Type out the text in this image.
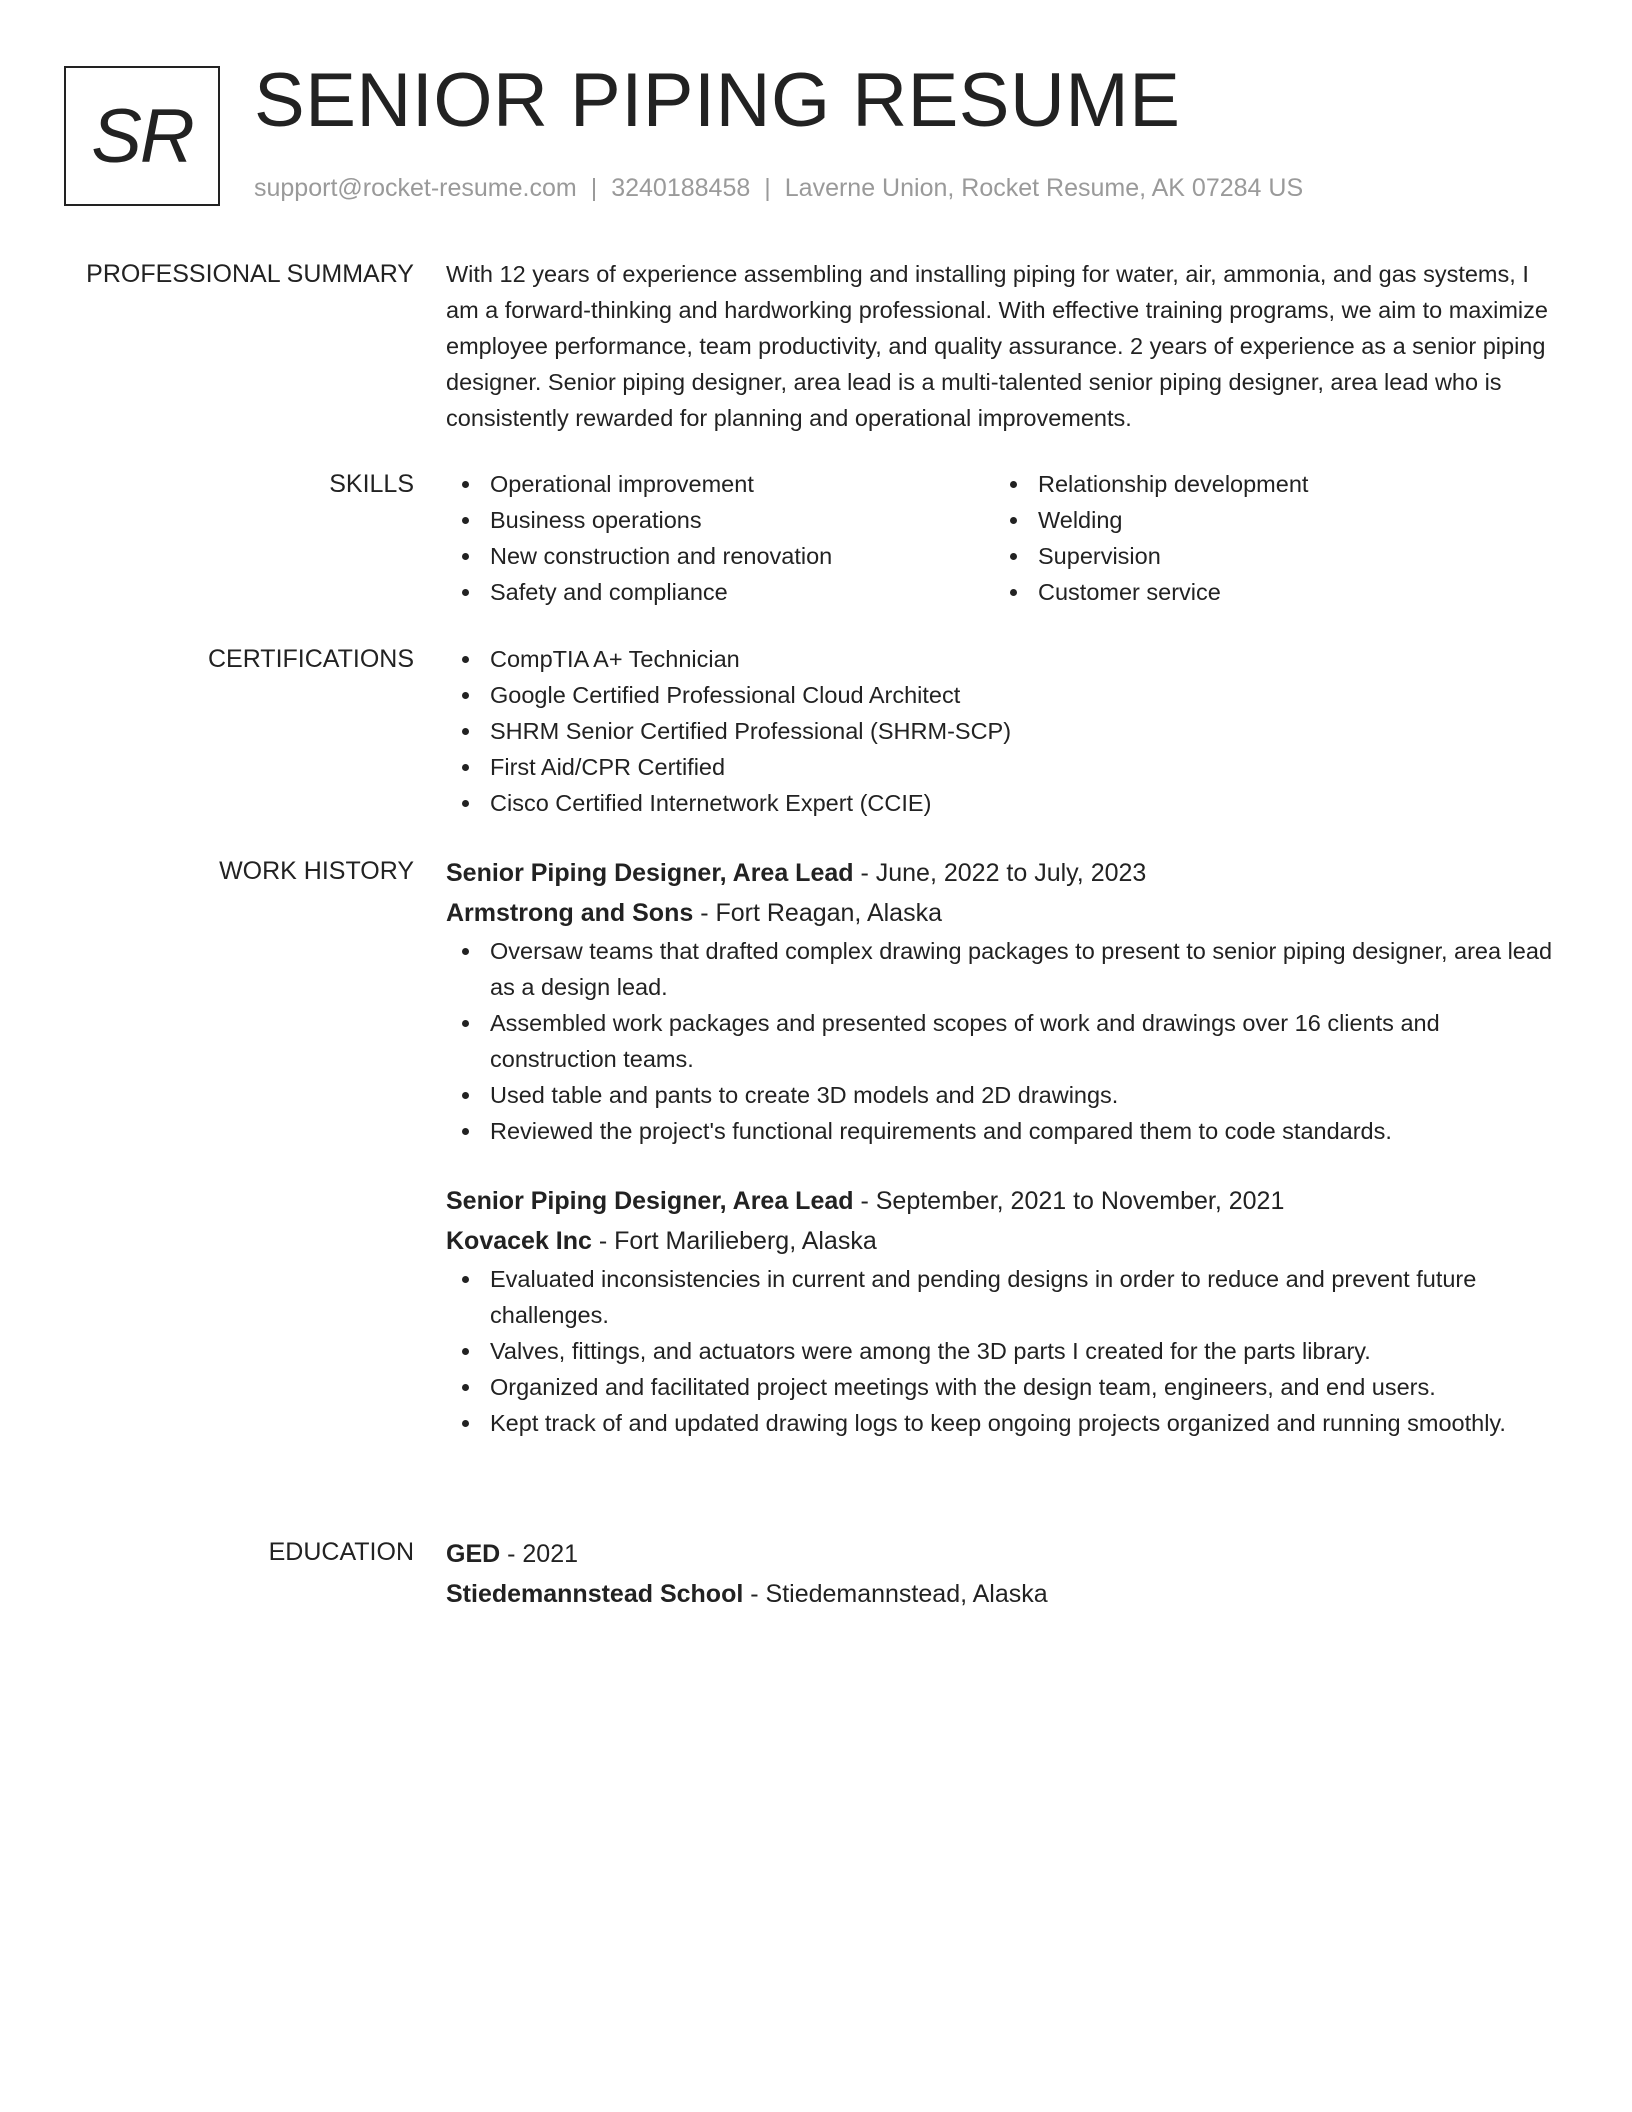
SR SENIOR PIPING RESUME
support@rocket-resume.com | 3240188458 | Laverne Union, Rocket Resume, AK 07284 US
PROFESSIONAL SUMMARY With 12 years of experience assembling and installing piping for water, air, ammonia, and gas systems, I am a forward-thinking and hardworking professional. With effective training programs, we aim to maximize employee performance, team productivity, and quality assurance. 2 years of experience as a senior piping designer. Senior piping designer, area lead is a multi-talented senior piping designer, area lead who is consistently rewarded for planning and operational improvements.

SKILLS	Operational improvement
Business operations
New construction and renovation
Safety and compliance
Relationship development
Welding
Supervision
Customer service
CERTIFICATIONS	CompTIA A+ Technician
Google Certified Professional Cloud Architect
SHRM Senior Certified Professional (SHRM-SCP)
First Aid/CPR Certified
Cisco Certified Internetwork Expert (CCIE)
WORK HISTORY Senior Piping Designer, Area Lead - June, 2022 to July, 2023
Armstrong and Sons - Fort Reagan, Alaska
Oversaw teams that drafted complex drawing packages to present to senior piping designer, area lead as a design lead.
Assembled work packages and presented scopes of work and drawings over 16 clients and construction teams.
Used table and pants to create 3D models and 2D drawings.
Reviewed the project's functional requirements and compared them to code standards.
Senior Piping Designer, Area Lead - September, 2021 to November, 2021
Kovacek Inc - Fort Marilieberg, Alaska
Evaluated inconsistencies in current and pending designs in order to reduce and prevent future challenges.
Valves, fittings, and actuators were among the 3D parts I created for the parts library.
Organized and facilitated project meetings with the design team, engineers, and end users.
Kept track of and updated drawing logs to keep ongoing projects organized and running smoothly.
EDUCATION GED - 2021
Stiedemannstead School - Stiedemannstead, Alaska
